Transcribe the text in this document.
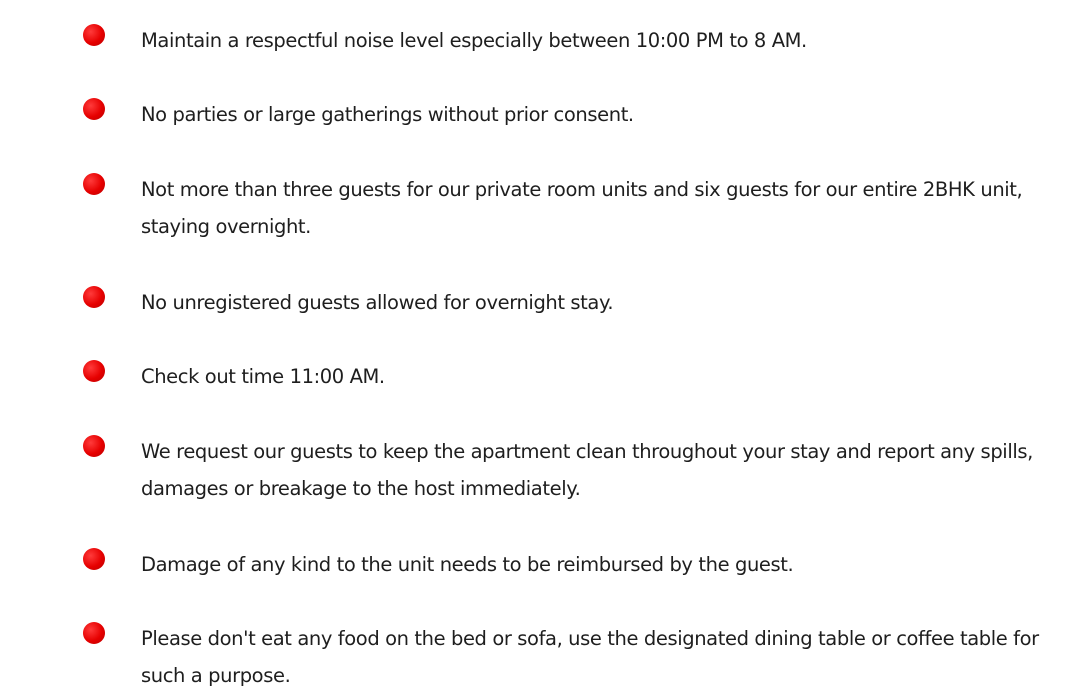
Maintain a respectful noise level especially between 10:00 PM to 8 AM.
No parties or large gatherings without prior consent.
Not more than three guests for our private room units and six guests for our entire 2BHK unit, staying overnight.
No unregistered guests allowed for overnight stay.
Check out time 11:00 AM.
We request our guests to keep the apartment clean throughout your stay and report any spills, damages or breakage to the host immediately.
Damage of any kind to the unit needs to be reimbursed by the guest.
Please don't eat any food on the bed or sofa, use the designated dining table or coffee table for such a purpose.
